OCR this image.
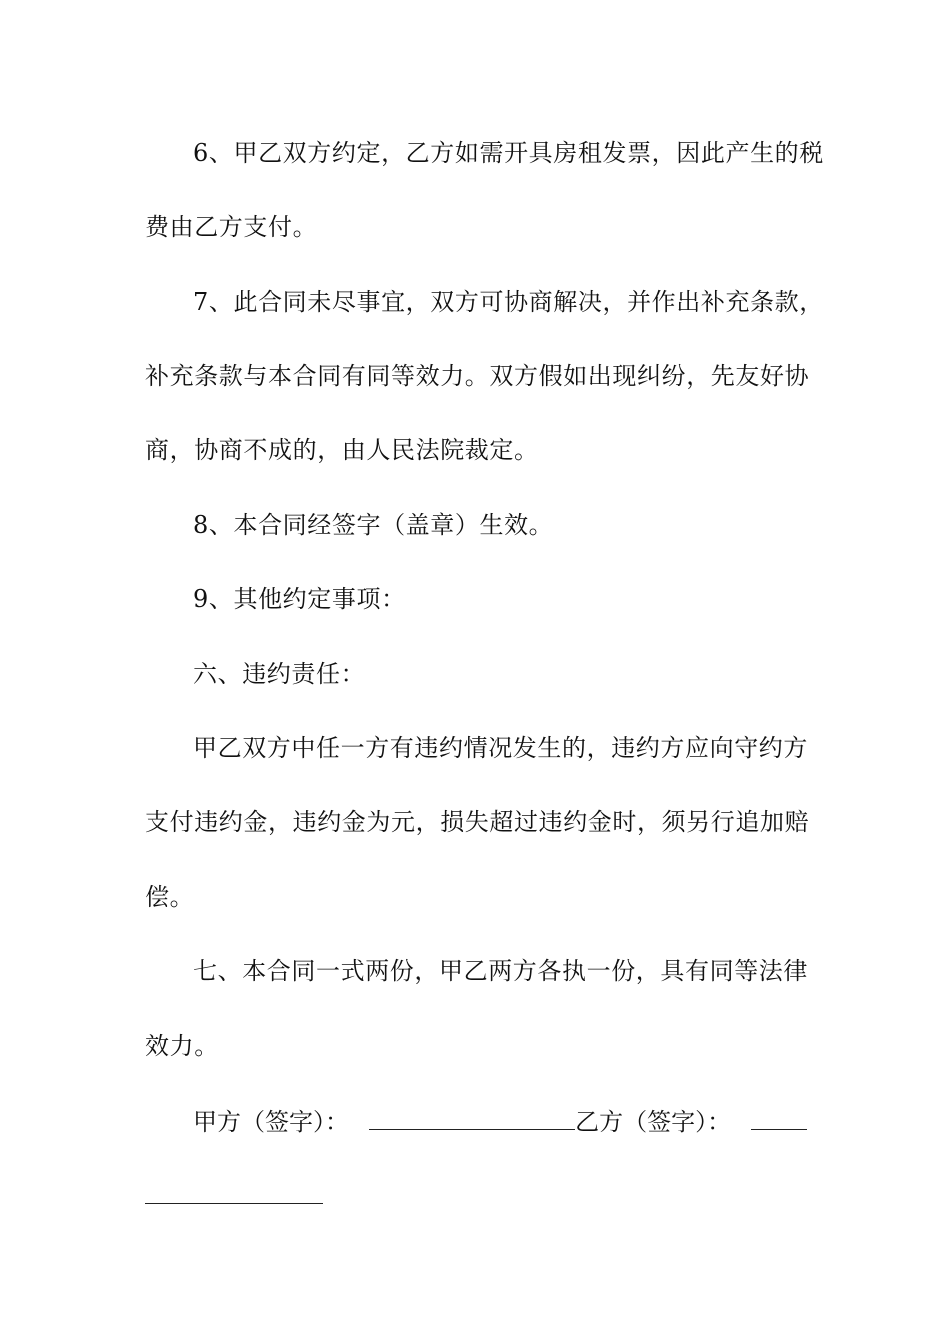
6、甲乙双方约定，乙方如需开具房租发票，因此产生的税
费由乙方支付。
7、此合同未尽事宜，双方可协商解决，并作出补充条款，
补充条款与本合同有同等效力。双方假如出现纠纷，先友好协
商，协商不成的，由人民法院裁定。
8、本合同经签字（盖章）生效。
9、其他约定事项：
六、违约责任：
甲乙双方中任一方有违约情况发生的，违约方应向守约方
支付违约金，违约金为元，损失超过违约金时，须另行追加赔
偿。
七、本合同一式两份，甲乙两方各执一份，具有同等法律
效力。
甲方（签字）：	乙方（签字）：
